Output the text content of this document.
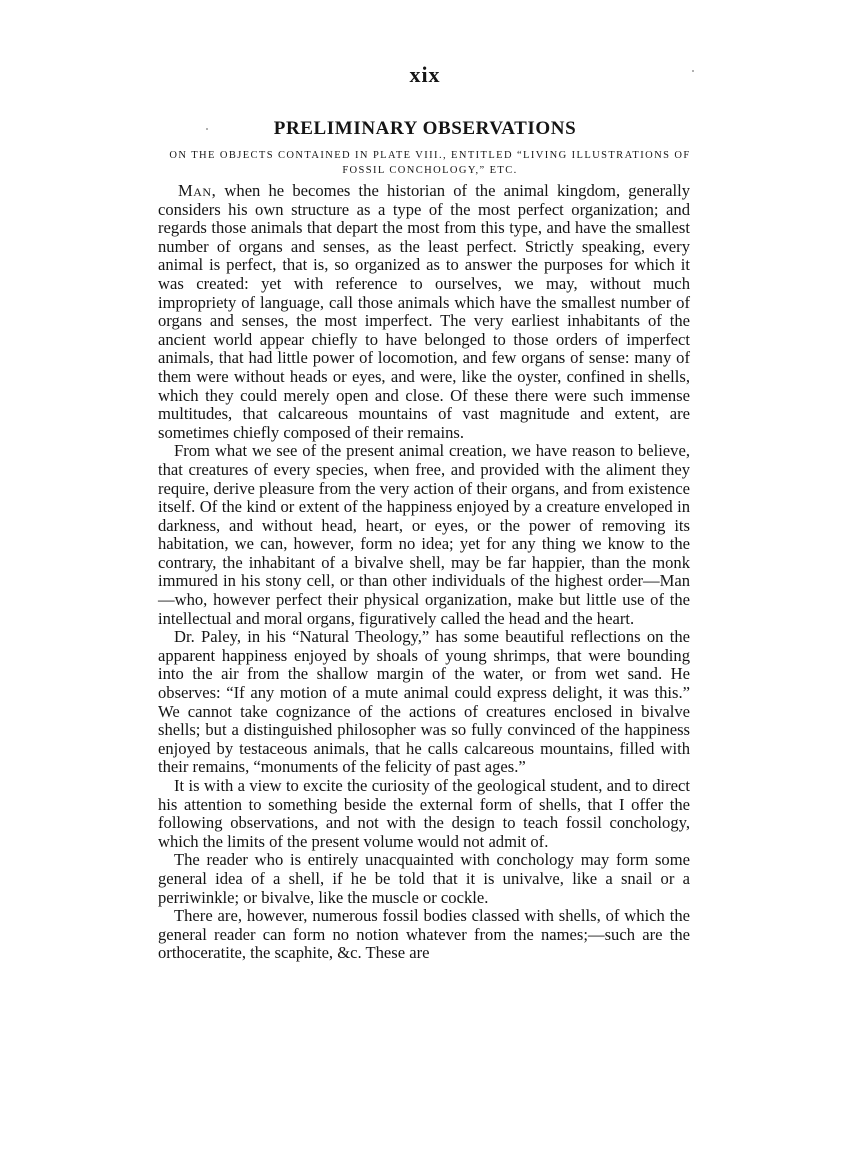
xix
PRELIMINARY OBSERVATIONS
ON THE OBJECTS CONTAINED IN PLATE VIII., ENTITLED “LIVING ILLUSTRATIONS OF FOSSIL CONCHOLOGY,” ETC.

Man, when he becomes the historian of the animal kingdom, generally considers his own structure as a type of the most perfect organization; and regards those animals that depart the most from this type, and have the smallest number of organs and senses, as the least perfect. Strictly speaking, every animal is perfect, that is, so organized as to answer the purposes for which it was created: yet with reference to ourselves, we may, without much impropriety of language, call those animals which have the smallest number of organs and senses, the most imperfect. The very earliest inhabitants of the ancient world appear chiefly to have belonged to those orders of imperfect animals, that had little power of locomotion, and few organs of sense: many of them were without heads or eyes, and were, like the oyster, confined in shells, which they could merely open and close. Of these there were such immense multitudes, that calcareous mountains of vast magnitude and extent, are sometimes chiefly composed of their remains.

From what we see of the present animal creation, we have reason to believe, that creatures of every species, when free, and provided with the aliment they require, derive pleasure from the very action of their organs, and from existence itself. Of the kind or extent of the happiness enjoyed by a creature enveloped in darkness, and without head, heart, or eyes, or the power of removing its habitation, we can, however, form no idea; yet for any thing we know to the contrary, the inhabitant of a bivalve shell, may be far happier, than the monk immured in his stony cell, or than other individuals of the highest order—Man—who, however perfect their physical organization, make but little use of the intellectual and moral organs, figuratively called the head and the heart.

Dr. Paley, in his “Natural Theology,” has some beautiful reflections on the apparent happiness enjoyed by shoals of young shrimps, that were bounding into the air from the shallow margin of the water, or from wet sand. He observes: “If any motion of a mute animal could express delight, it was this.” We cannot take cognizance of the actions of creatures enclosed in bivalve shells; but a distinguished philosopher was so fully convinced of the happiness enjoyed by testaceous animals, that he calls calcareous mountains, filled with their remains, “monuments of the felicity of past ages.”

It is with a view to excite the curiosity of the geological student, and to direct his attention to something beside the external form of shells, that I offer the following observations, and not with the design to teach fossil conchology, which the limits of the present volume would not admit of.

The reader who is entirely unacquainted with conchology may form some general idea of a shell, if he be told that it is univalve, like a snail or a perriwinkle; or bivalve, like the muscle or cockle.

There are, however, numerous fossil bodies classed with shells, of which the general reader can form no notion whatever from the names;—such are the orthoceratite, the scaphite, &c. These are
